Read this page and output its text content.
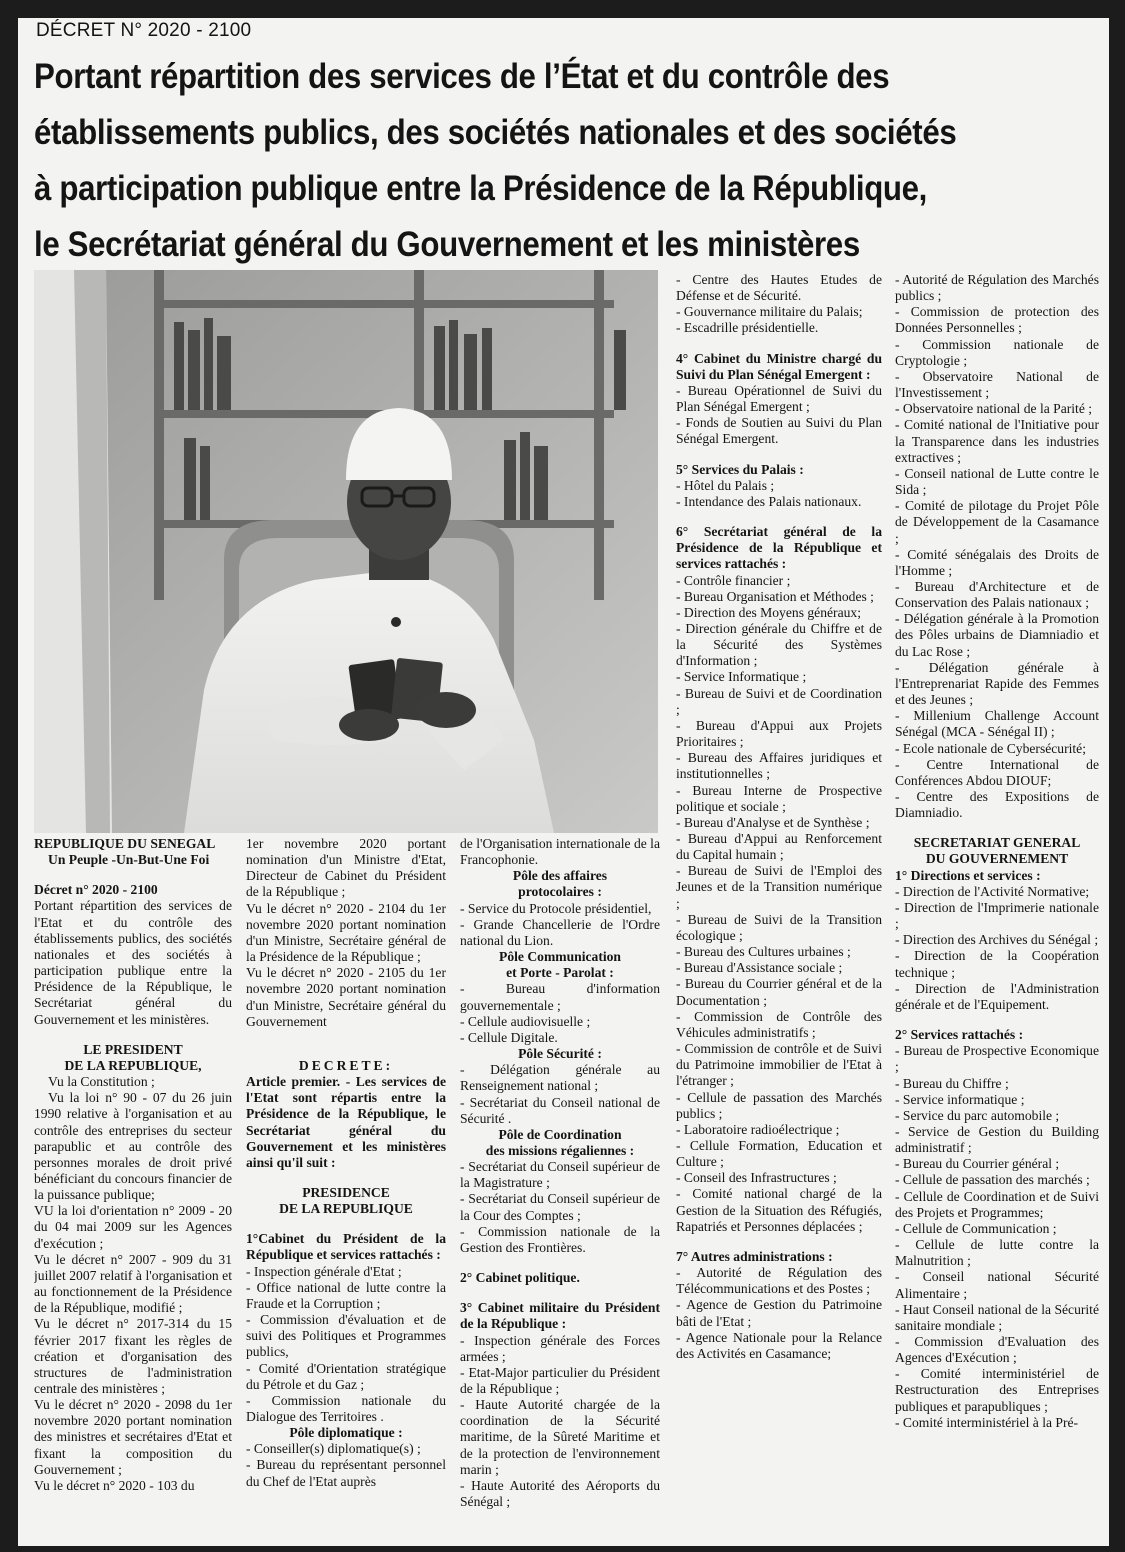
DÉCRET N° 2020 - 2100
Portant répartition des services de l’État et du contrôle des
établissements publics, des sociétés nationales et des sociétés
à participation publique entre la Présidence de la République,
le Secrétariat général du Gouvernement et les ministères

REPUBLIQUE DU SENEGAL

Un Peuple -Un-But-Une Foi

Décret n° 2020 - 2100

Portant répartition des services de l'Etat et du contrôle des établissements publics, des sociétés nationales et des sociétés à participation publique entre la Présidence de la République, le Secrétariat général du Gouvernement et les ministères.

LE PRESIDENT

DE LA REPUBLIQUE,

Vu la Constitution ;

Vu la loi n° 90 - 07 du 26 juin 1990 relative à l'organisation et au contrôle des entreprises du secteur parapublic et au contrôle des personnes morales de droit privé bénéficiant du concours financier de la puissance publique;

VU la loi d'orientation n° 2009 - 20 du 04 mai 2009 sur les Agences d'exécution ;

Vu le décret n° 2007 - 909 du 31 juillet 2007 relatif à l'organisation et au fonctionnement de la Présidence de la République, modifié ;

Vu le décret n° 2017-314 du 15 février 2017 fixant les règles de création et d'organisation des structures de l'administration centrale des ministères ;

Vu le décret n° 2020 - 2098 du 1er novembre 2020 portant nomination des ministres et secrétaires d'Etat et fixant la composition du Gouvernement ;

Vu le décret n° 2020 - 103 du

1er novembre 2020 portant nomination d'un Ministre d'Etat, Directeur de Cabinet du Président de la République ;

Vu le décret n° 2020 - 2104 du 1er novembre 2020 portant nomination d'un Ministre, Secrétaire général de la Présidence de la République ;

Vu le décret n° 2020 - 2105 du 1er novembre 2020 portant nomination d'un Ministre, Secrétaire général du Gouvernement

DECRETE:

Article premier. - Les services de l'Etat sont répartis entre la Présidence de la République, le Secrétariat général du Gouvernement et les ministères ainsi qu'il suit :

PRESIDENCE

DE LA REPUBLIQUE

1°Cabinet du Président de la République et services rattachés :

- Inspection générale d'Etat ;

- Office national de lutte contre la Fraude et la Corruption ;

- Commission d'évaluation et de suivi des Politiques et Programmes publics,

- Comité d'Orientation stratégique du Pétrole et du Gaz ;

- Commission nationale du Dialogue des Territoires .

Pôle diplomatique :

- Conseiller(s) diplomatique(s) ;

- Bureau du représentant personnel du Chef de l'Etat auprès

de l'Organisation internationale de la Francophonie.

Pôle des affaires

protocolaires :

- Service du Protocole présidentiel,

- Grande Chancellerie de l'Ordre national du Lion.

Pôle Communication

et Porte - Parolat :

- Bureau d'information gouvernementale ;

- Cellule audiovisuelle ;

- Cellule Digitale.

Pôle Sécurité :

- Délégation générale au Renseignement national ;

- Secrétariat du Conseil national de Sécurité .

Pôle de Coordination

des missions régaliennes :

- Secrétariat du Conseil supérieur de la Magistrature ;

- Secrétariat du Conseil supérieur de la Cour des Comptes ;

- Commission nationale de la Gestion des Frontières.

2° Cabinet politique.

3° Cabinet militaire du Président de la République :

- Inspection générale des Forces armées ;

- Etat-Major particulier du Président de la République ;

- Haute Autorité chargée de la coordination de la Sécurité maritime, de la Sûreté Maritime et de la protection de l'environnement marin ;

- Haute Autorité des Aéroports du Sénégal ;

- Centre des Hautes Etudes de Défense et de Sécurité.

- Gouvernance militaire du Palais;

- Escadrille présidentielle.

4° Cabinet du Ministre chargé du Suivi du Plan Sénégal Emergent :

- Bureau Opérationnel de Suivi du Plan Sénégal Emergent ;

- Fonds de Soutien au Suivi du Plan Sénégal Emergent.

5° Services du Palais :

- Hôtel du Palais ;

- Intendance des Palais nationaux.

6° Secrétariat général de la Présidence de la République et services rattachés :

- Contrôle financier ;

- Bureau Organisation et Méthodes ;

- Direction des Moyens généraux;

- Direction générale du Chiffre et de la Sécurité des Systèmes d'Information ;

- Service Informatique ;

- Bureau de Suivi et de Coordination ;

- Bureau d'Appui aux Projets Prioritaires ;

- Bureau des Affaires juridiques et institutionnelles ;

- Bureau Interne de Prospective politique et sociale ;

- Bureau d'Analyse et de Synthèse ;

- Bureau d'Appui au Renforcement du Capital humain ;

- Bureau de Suivi de l'Emploi des Jeunes et de la Transition numérique ;

- Bureau de Suivi de la Transition écologique ;

- Bureau des Cultures urbaines ;

- Bureau d'Assistance sociale ;

- Bureau du Courrier général et de la Documentation ;

- Commission de Contrôle des Véhicules administratifs ;

- Commission de contrôle et de Suivi du Patrimoine immobilier de l'Etat à l'étranger ;

- Cellule de passation des Marchés publics ;

- Laboratoire radioélectrique ;

- Cellule Formation, Education et Culture ;

- Conseil des Infrastructures ;

- Comité national chargé de la Gestion de la Situation des Réfugiés, Rapatriés et Personnes déplacées ;

7° Autres administrations :

- Autorité de Régulation des Télécommunications et des Postes ;

- Agence de Gestion du Patrimoine bâti de l'Etat ;

- Agence Nationale pour la Relance des Activités en Casamance;

- Autorité de Régulation des Marchés publics ;

- Commission de protection des Données Personnelles ;

- Commission nationale de Cryptologie ;

- Observatoire National de l'Investissement ;

- Observatoire national de la Parité ;

- Comité national de l'Initiative pour la Transparence dans les industries extractives ;

- Conseil national de Lutte contre le Sida ;

- Comité de pilotage du Projet Pôle de Développement de la Casamance ;

- Comité sénégalais des Droits de l'Homme ;

- Bureau d'Architecture et de Conservation des Palais nationaux ;

- Délégation générale à la Promotion des Pôles urbains de Diamniadio et du Lac Rose ;

- Délégation générale à l'Entreprenariat Rapide des Femmes et des Jeunes ;

- Millenium Challenge Account Sénégal (MCA - Sénégal II) ;

- Ecole nationale de Cybersécurité;

- Centre International de Conférences Abdou DIOUF;

- Centre des Expositions de Diamniadio.

SECRETARIAT GENERAL

DU GOUVERNEMENT

1° Directions et services :

- Direction de l'Activité Normative;

- Direction de l'Imprimerie nationale ;

- Direction des Archives du Sénégal ;

- Direction de la Coopération technique ;

- Direction de l'Administration générale et de l'Equipement.

2° Services rattachés :

- Bureau de Prospective Economique ;

- Bureau du Chiffre ;

- Service informatique ;

- Service du parc automobile ;

- Service de Gestion du Building administratif ;

- Bureau du Courrier général ;

- Cellule de passation des marchés ;

- Cellule de Coordination et de Suivi des Projets et Programmes;

- Cellule de Communication ;

- Cellule de lutte contre la Malnutrition ;

- Conseil national Sécurité Alimentaire ;

- Haut Conseil national de la Sécurité sanitaire mondiale ;

- Commission d'Evaluation des Agences d'Exécution ;

- Comité interministériel de Restructuration des Entreprises publiques et parapubliques ;

- Comité interministériel à la Pré-
